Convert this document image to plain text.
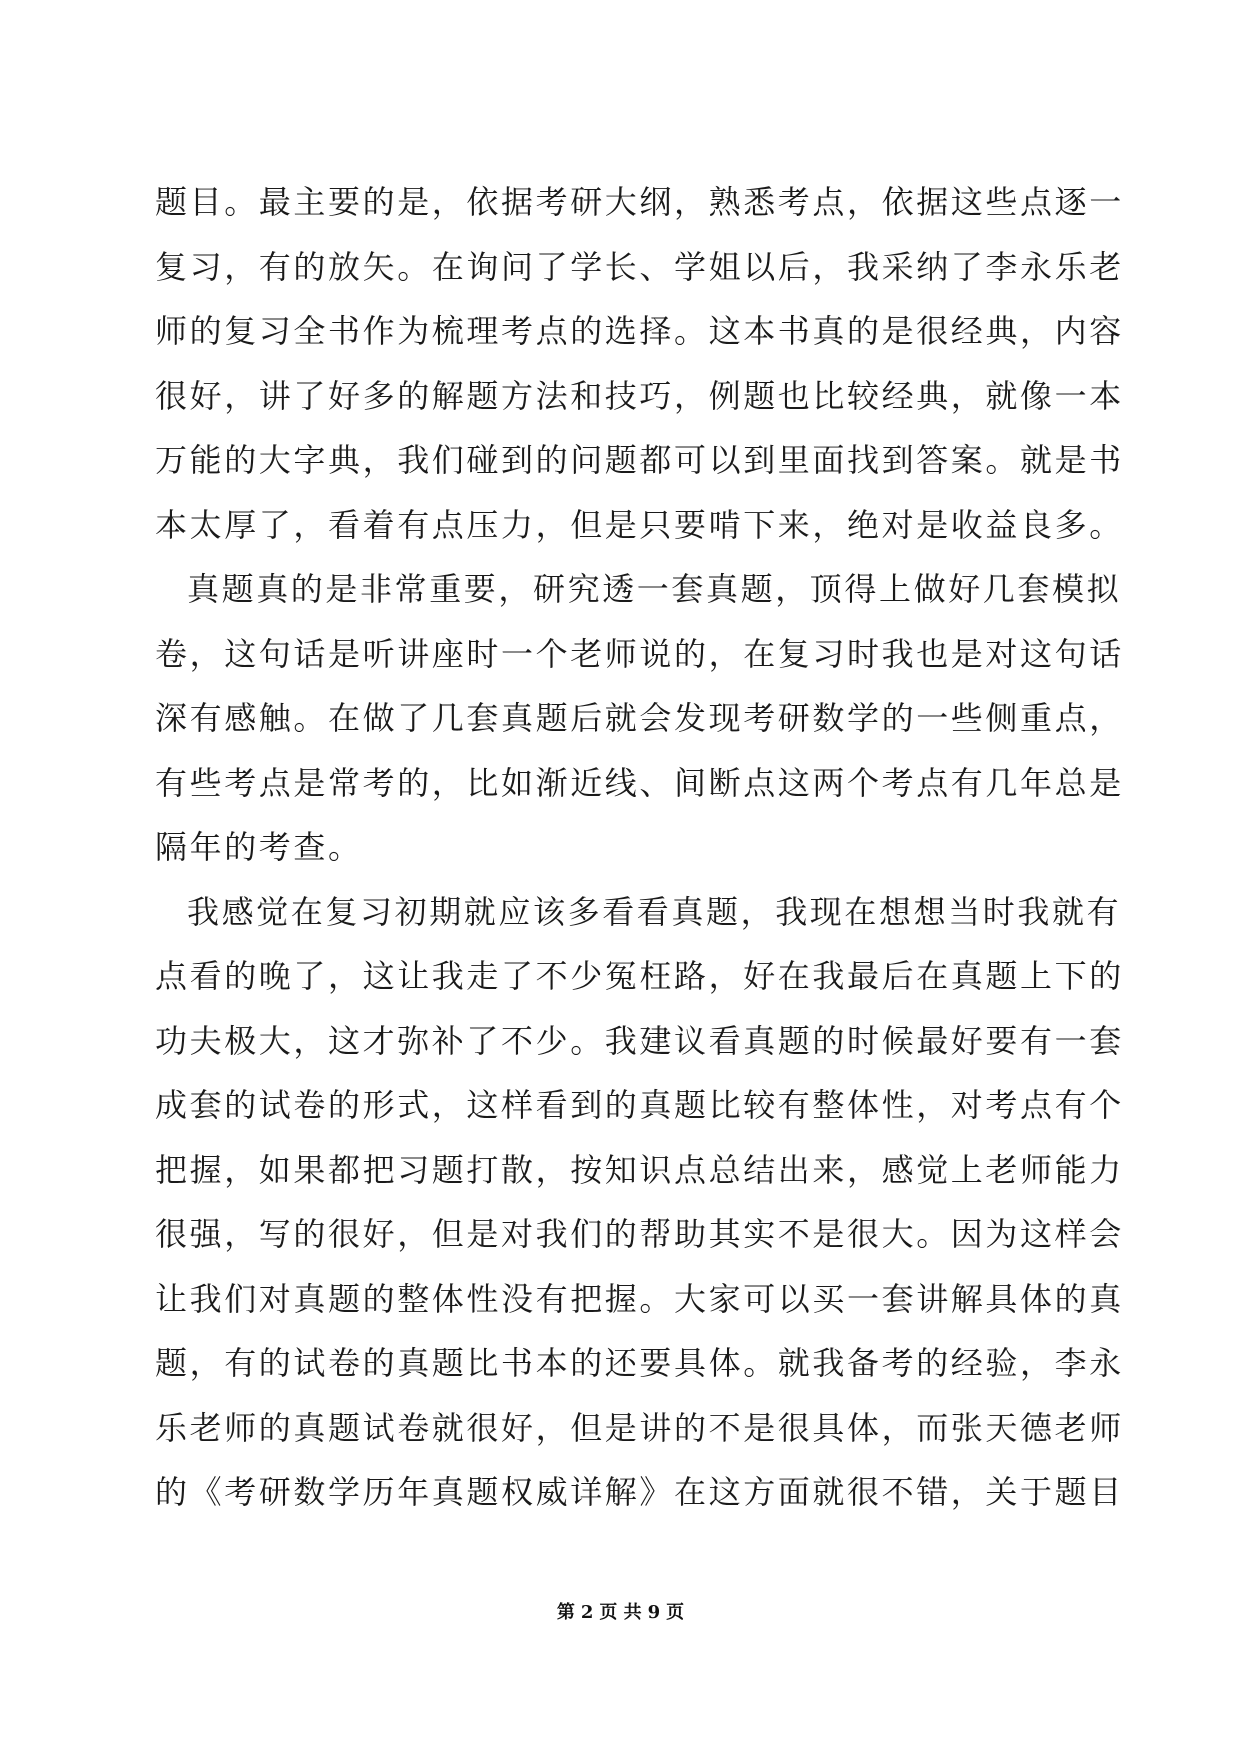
题目。最主要的是，依据考研大纲，熟悉考点，依据这些点逐一
复习，有的放矢。在询问了学长、学姐以后，我采纳了李永乐老
师的复习全书作为梳理考点的选择。这本书真的是很经典，内容
很好，讲了好多的解题方法和技巧，例题也比较经典，就像一本
万能的大字典，我们碰到的问题都可以到里面找到答案。就是书
本太厚了，看着有点压力，但是只要啃下来，绝对是收益良多。
真题真的是非常重要，研究透一套真题，顶得上做好几套模拟
卷，这句话是听讲座时一个老师说的，在复习时我也是对这句话
深有感触。在做了几套真题后就会发现考研数学的一些侧重点，
有些考点是常考的，比如渐近线、间断点这两个考点有几年总是
隔年的考查。
我感觉在复习初期就应该多看看真题，我现在想想当时我就有
点看的晚了，这让我走了不少冤枉路，好在我最后在真题上下的
功夫极大，这才弥补了不少。我建议看真题的时候最好要有一套
成套的试卷的形式，这样看到的真题比较有整体性，对考点有个
把握，如果都把习题打散，按知识点总结出来，感觉上老师能力
很强，写的很好，但是对我们的帮助其实不是很大。因为这样会
让我们对真题的整体性没有把握。大家可以买一套讲解具体的真
题，有的试卷的真题比书本的还要具体。就我备考的经验，李永
乐老师的真题试卷就很好，但是讲的不是很具体，而张天德老师
的《考研数学历年真题权威详解》在这方面就很不错，关于题目
第 2 页 共 9 页
